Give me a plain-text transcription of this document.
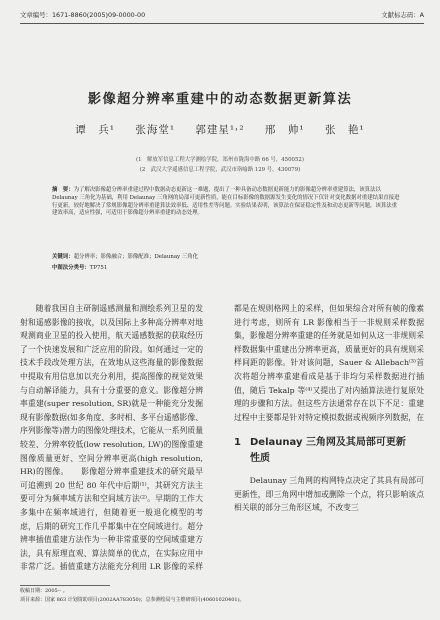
文章编号：1671-8860(2005)09-0000-00	文献标志码：A
影像超分辨率重建中的动态数据更新算法
谭　兵¹ 张海堂¹ 郭建星¹˒² 邢　帅¹ 张　艳¹
(1　解放军信息工程大学测绘学院，郑州市陇海中路 66 号，450052)
(2　武汉大学遥感信息工程学院，武汉市珞喻路 129 号，430079)
摘　要：为了解决影像超分辨率重建过程中数据动态更新这一难题，提出了一种具备动态数据更新能力的影像超分辨率重建算法，该算法以 Delaunay 三角化为基础，利用 Delaunay 三角网的局部可更新性质，能在目标影像的数据源发生变化的情况下仅针对变化数据对重建结果直接进行更新，较好地解决了常规影像超分辨率重建算法效率低、适用性差等问题。实验结果表明，该算法在保证稳定性及和动态更新等问题，该算法重建效率高，适应性强，可适用于影像超分辨率重建的动态处理。
关键词：超分辨率；影像融合；影像配准；Delaunay 三角化
中图法分类号：TP751

随着我国自主研制遥感测量和测绘系列卫星的发射和遥感影像的接收，以及国际上多种高分辨率对地观测商业卫星的投入使用，航天遥感数据的获取经历了一个快速发展和广泛应用的阶段。如何通过一定的技术手段改处理方法，在效地从这些海量的影像数据中提取有用信息加以充分利用，提高图像的视觉效果与自动解译能力，具有十分重要的意义。影像超分辨率重建(super resolution, SR)就是一种能充分发掘现有影像数据(如多角度、多时相、多平台遥感影像、序列影像等)潜力的图像处理技术，它能从一系列质量较差、分辨率较低(low resolution, LW)的图像重建图像质量更好、空间分辨率更高(high resolution, HR)的图像。　　影像超分辨率重建技术的研究最早可追溯到 20 世纪 80 年代中后期⁽¹⁾，其研究方法主要可分为频率域方法和空间域方法⁽²⁾。早期的工作大多集中在频率域进行，但随着更一般退化模型的考虑，后期的研究工作几乎都集中在空间域进行。超分辨率插值重建方法作为一种非常重要的空间域重建方法，具有原理直观、算法简单的优点，在实际应用中非常广泛。插值重建方法能充分利用 LR 影像的采样

都是在规则格网上的采样，但如果综合对所有帧的像素进行考虑，则所有 LR 影像相当于一非规则采样数据集，影像超分辨率重建的任务就是如何从这一非规则采样数据集中重建出分辨率更高，质量更好的具有规则采样间距的影像。针对该问题，Sauer & Allebach⁽³⁾首次将超分辨率重建看成是基于非均匀采样数据进行插值，随后 Tekalp 等⁽⁴⁾又提出了对内插算法进行复原处理的步骤和方法。但这些方法通常存在以下不足：重建过程中主要都是针对特定模拟数据或视频序列数据，在

1 Delaunay 三角网及其局部可更新
性质

Delaunay 三角网的构网特点决定了其具有局部可更新性，即三角网中增加或删除一个点，将只影响该点相关联的部分三角形区域，不改变三

收稿日期：2005-- 。
项目来源：国家 863 计划资助项目(2002AA783050)；总参测绘局与主维研项目(40601020401)。
